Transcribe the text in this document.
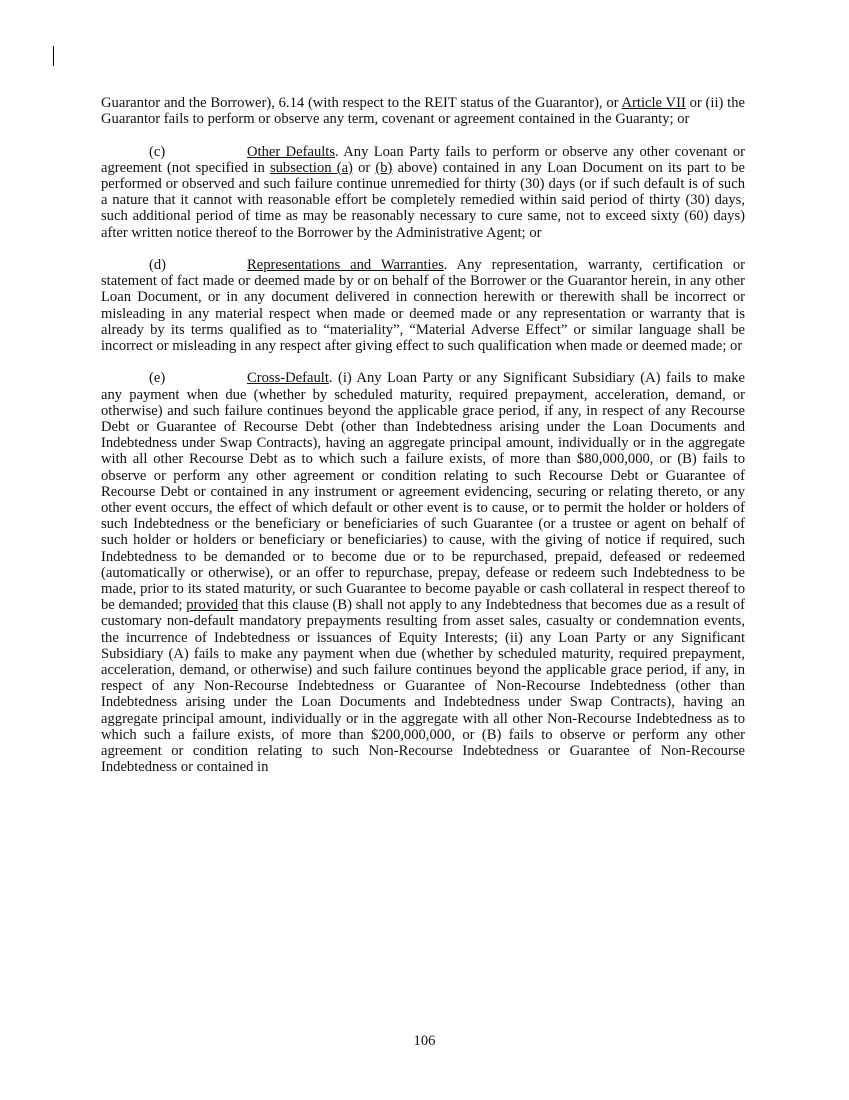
Guarantor and the Borrower), 6.14 (with respect to the REIT status of the Guarantor), or Article VII or (ii) the Guarantor fails to perform or observe any term, covenant or agreement contained in the Guaranty; or

(c)	Other Defaults. Any Loan Party fails to perform or observe any other covenant or agreement (not specified in subsection (a) or (b) above) contained in any Loan Document on its part to be performed or observed and such failure continue unremedied for thirty (30) days (or if such default is of such a nature that it cannot with reasonable effort be completely remedied within said period of thirty (30) days, such additional period of time as may be reasonably necessary to cure same, not to exceed sixty (60) days) after written notice thereof to the Borrower by the Administrative Agent; or

(d)	Representations and Warranties. Any representation, warranty, certification or statement of fact made or deemed made by or on behalf of the Borrower or the Guarantor herein, in any other Loan Document, or in any document delivered in connection herewith or therewith shall be incorrect or misleading in any material respect when made or deemed made or any representation or warranty that is already by its terms qualified as to “materiality”, “Material Adverse Effect” or similar language shall be incorrect or misleading in any respect after giving effect to such qualification when made or deemed made; or

(e)	Cross-Default. (i) Any Loan Party or any Significant Subsidiary (A) fails to make any payment when due (whether by scheduled maturity, required prepayment, acceleration, demand, or otherwise) and such failure continues beyond the applicable grace period, if any, in respect of any Recourse Debt or Guarantee of Recourse Debt (other than Indebtedness arising under the Loan Documents and Indebtedness under Swap Contracts), having an aggregate principal amount, individually or in the aggregate with all other Recourse Debt as to which such a failure exists, of more than $80,000,000, or (B) fails to observe or perform any other agreement or condition relating to such Recourse Debt or Guarantee of Recourse Debt or contained in any instrument or agreement evidencing, securing or relating thereto, or any other event occurs, the effect of which default or other event is to cause, or to permit the holder or holders of such Indebtedness or the beneficiary or beneficiaries of such Guarantee (or a trustee or agent on behalf of such holder or holders or beneficiary or beneficiaries) to cause, with the giving of notice if required, such Indebtedness to be demanded or to become due or to be repurchased, prepaid, defeased or redeemed (automatically or otherwise), or an offer to repurchase, prepay, defease or redeem such Indebtedness to be made, prior to its stated maturity, or such Guarantee to become payable or cash collateral in respect thereof to be demanded; provided that this clause (B) shall not apply to any Indebtedness that becomes due as a result of customary non-default mandatory prepayments resulting from asset sales, casualty or condemnation events, the incurrence of Indebtedness or issuances of Equity Interests; (ii) any Loan Party or any Significant Subsidiary (A) fails to make any payment when due (whether by scheduled maturity, required prepayment, acceleration, demand, or otherwise) and such failure continues beyond the applicable grace period, if any, in respect of any Non-Recourse Indebtedness or Guarantee of Non-Recourse Indebtedness (other than Indebtedness arising under the Loan Documents and Indebtedness under Swap Contracts), having an aggregate principal amount, individually or in the aggregate with all other Non-Recourse Indebtedness as to which such a failure exists, of more than $200,000,000, or (B) fails to observe or perform any other agreement or condition relating to such Non-Recourse Indebtedness or Guarantee of Non-Recourse Indebtedness or contained in

106
